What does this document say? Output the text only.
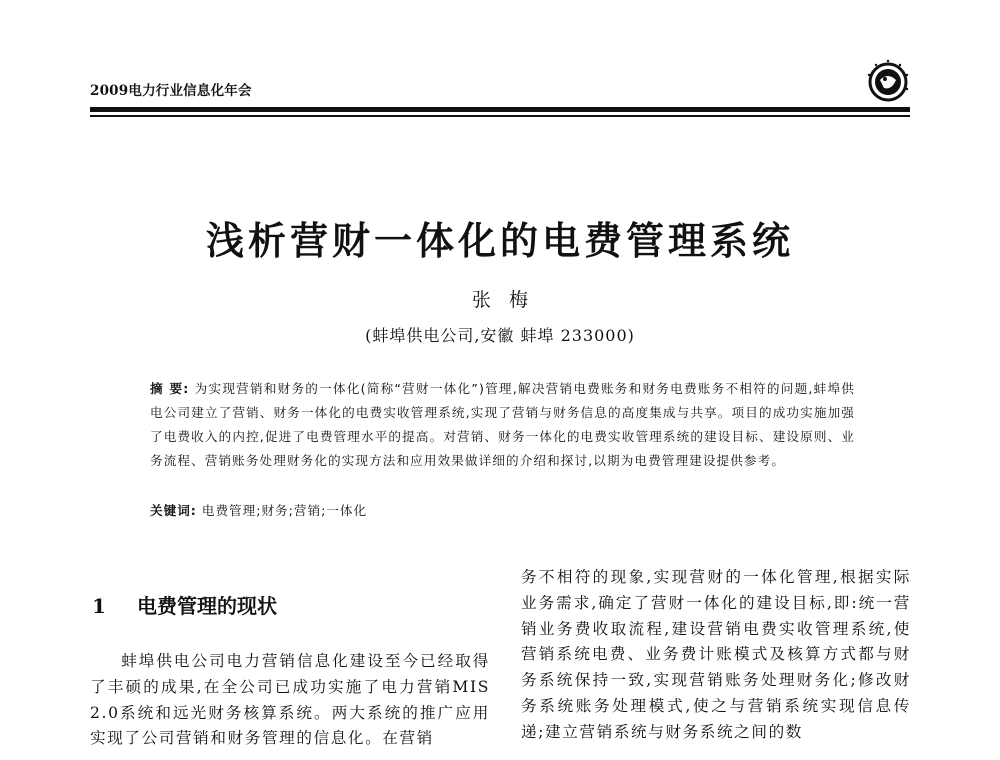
2009电力行业信息化年会
浅析营财一体化的电费管理系统
张梅
(蚌埠供电公司,安徽 蚌埠 233000)
摘 要: 为实现营销和财务的一体化(简称“营财一体化”)管理,解决营销电费账务和财务电费账务不相符的问题,蚌埠供电公司建立了营销、财务一体化的电费实收管理系统,实现了营销与财务信息的高度集成与共享。项目的成功实施加强了电费收入的内控,促进了电费管理水平的提高。对营销、财务一体化的电费实收管理系统的建设目标、建设原则、业务流程、营销账务处理财务化的实现方法和应用效果做详细的介绍和探讨,以期为电费管理建设提供参考。
关键词: 电费管理;财务;营销;一体化
1 电费管理的现状

蚌埠供电公司电力营销信息化建设至今已经取得了丰硕的成果,在全公司已成功实施了电力营销MIS 2.0系统和远光财务核算系统。两大系统的推广应用实现了公司营销和财务管理的信息化。在营销

务不相符的现象,实现营财的一体化管理,根据实际业务需求,确定了营财一体化的建设目标,即:统一营销业务费收取流程,建设营销电费实收管理系统,使营销系统电费、业务费计账模式及核算方式都与财务系统保持一致,实现营销账务处理财务化;修改财务系统账务处理模式,使之与营销系统实现信息传递;建立营销系统与财务系统之间的数
